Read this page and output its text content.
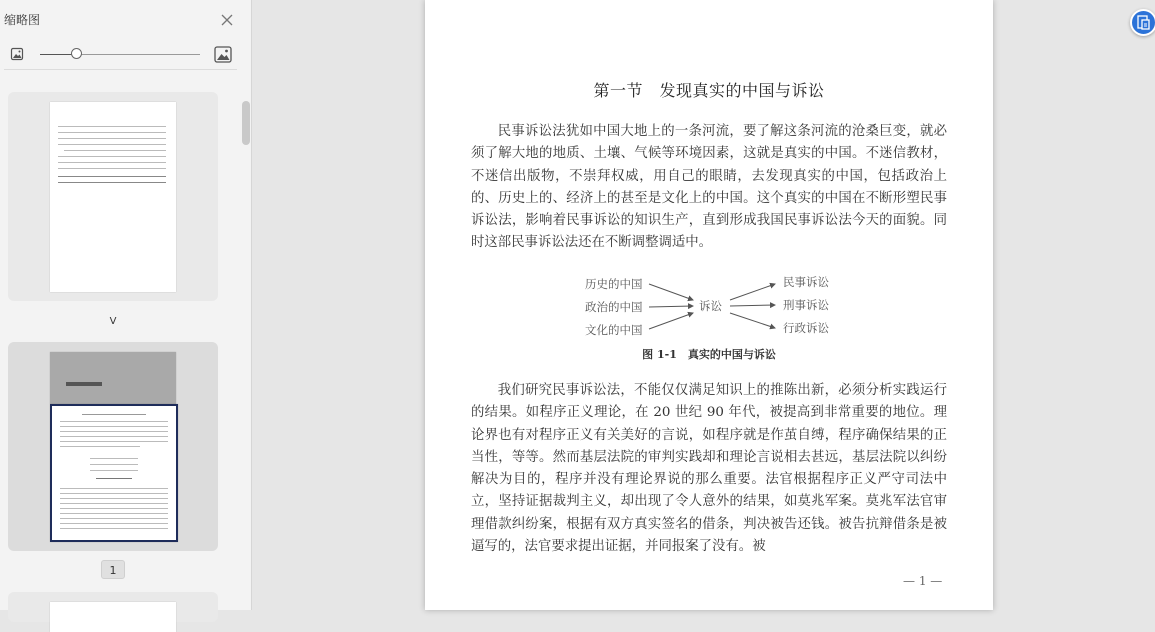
缩略图
V
1
第一节　发现真实的中国与诉讼
民事诉讼法犹如中国大地上的一条河流，要了解这条河流的沧桑巨变，就必须了解大地的地质、土壤、气候等环境因素，这就是真实的中国。不迷信教材，不迷信出版物，不崇拜权威，用自己的眼睛，去发现真实的中国，包括政治上的、历史上的、经济上的甚至是文化上的中国。这个真实的中国在不断形塑民事诉讼法，影响着民事诉讼的知识生产，直到形成我国民事诉讼法今天的面貌。同时这部民事诉讼法还在不断调整调适中。
历史的中国
政治的中国
文化的中国
诉讼
民事诉讼
刑事诉讼
行政诉讼
图 1-1　真实的中国与诉讼
我们研究民事诉讼法，不能仅仅满足知识上的推陈出新，必须分析实践运行的结果。如程序正义理论，在 20 世纪 90 年代，被提高到非常重要的地位。理论界也有对程序正义有关美好的言说，如程序就是作茧自缚，程序确保结果的正当性，等等。然而基层法院的审判实践却和理论言说相去甚远，基层法院以纠纷解决为目的，程序并没有理论界说的那么重要。法官根据程序正义严守司法中立，坚持证据裁判主义，却出现了令人意外的结果，如莫兆军案。莫兆军法官审理借款纠纷案，根据有双方真实签名的借条，判决被告还钱。被告抗辩借条是被逼写的，法官要求提出证据，并同报案了没有。被
— 1 —
